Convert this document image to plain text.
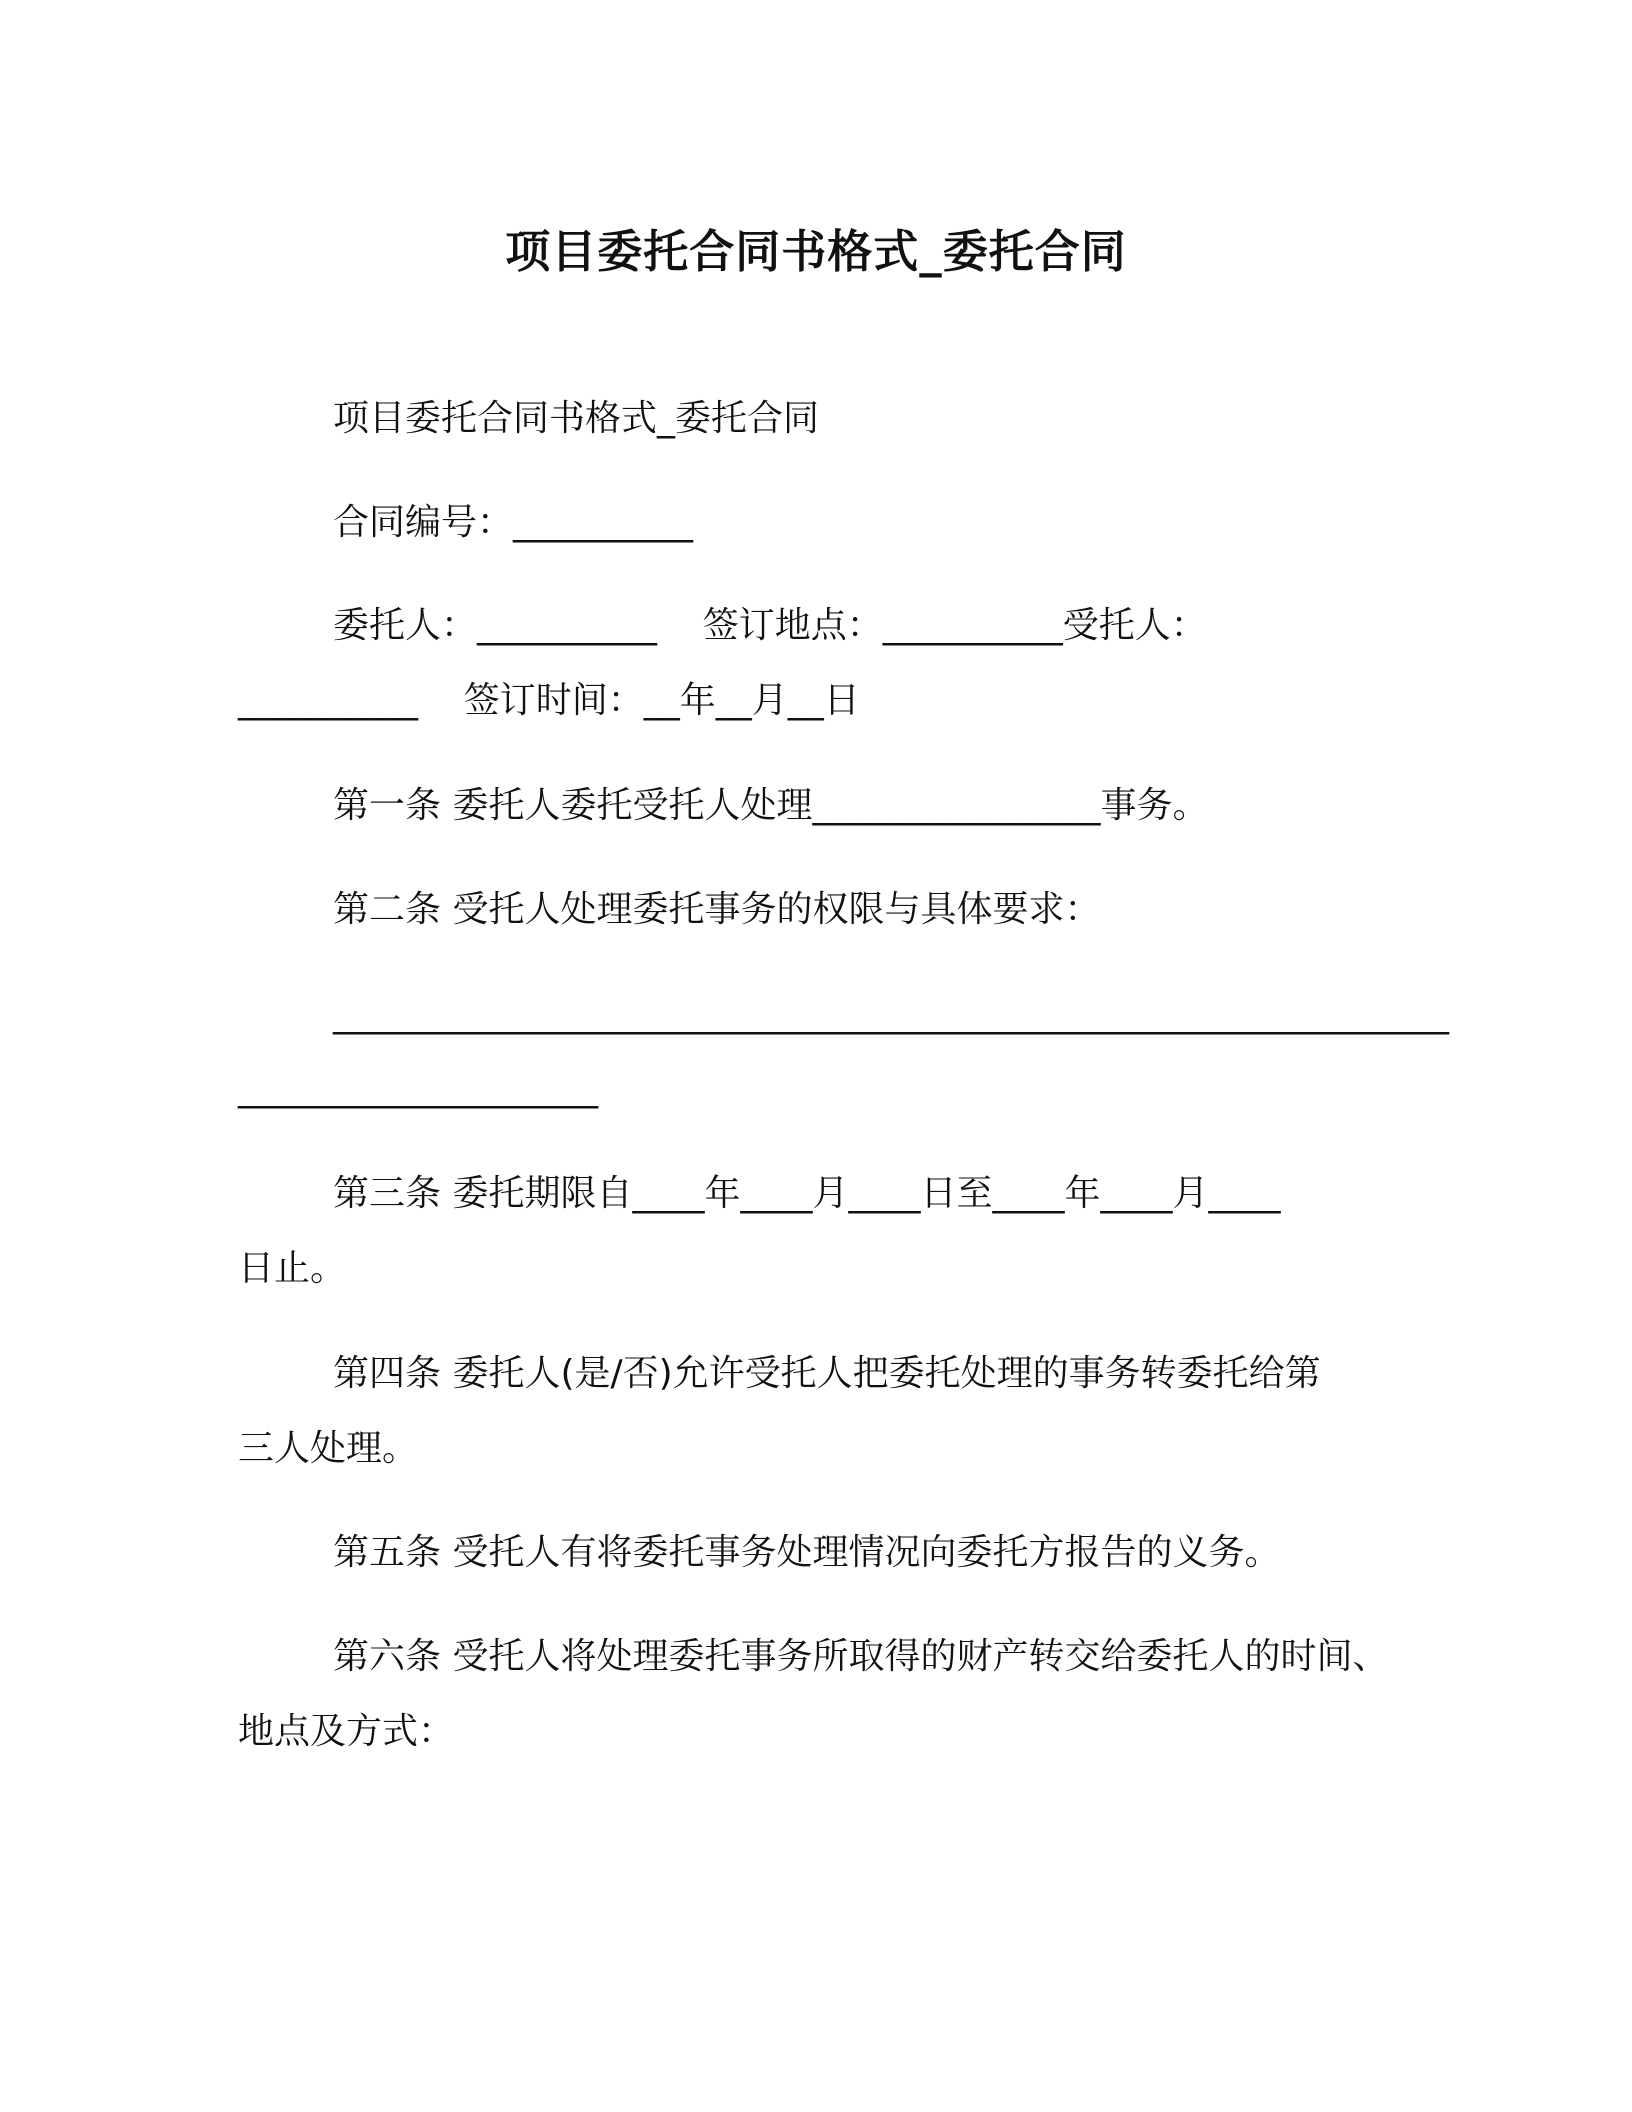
项目委托合同书格式_委托合同
项目委托合同书格式_委托合同
合同编号：__________
委托人：__________    签订地点：__________受托人：
__________    签订时间：__年__月__日
第一条 委托人委托受托人处理________________事务。
第二条 受托人处理委托事务的权限与具体要求：
______________________________________________________________
____________________
第三条 委托期限自____年____月____日至____年____月____
日止。
第四条 委托人(是/否)允许受托人把委托处理的事务转委托给第
三人处理。
第五条 受托人有将委托事务处理情况向委托方报告的义务。
第六条 受托人将处理委托事务所取得的财产转交给委托人的时间、
地点及方式：
